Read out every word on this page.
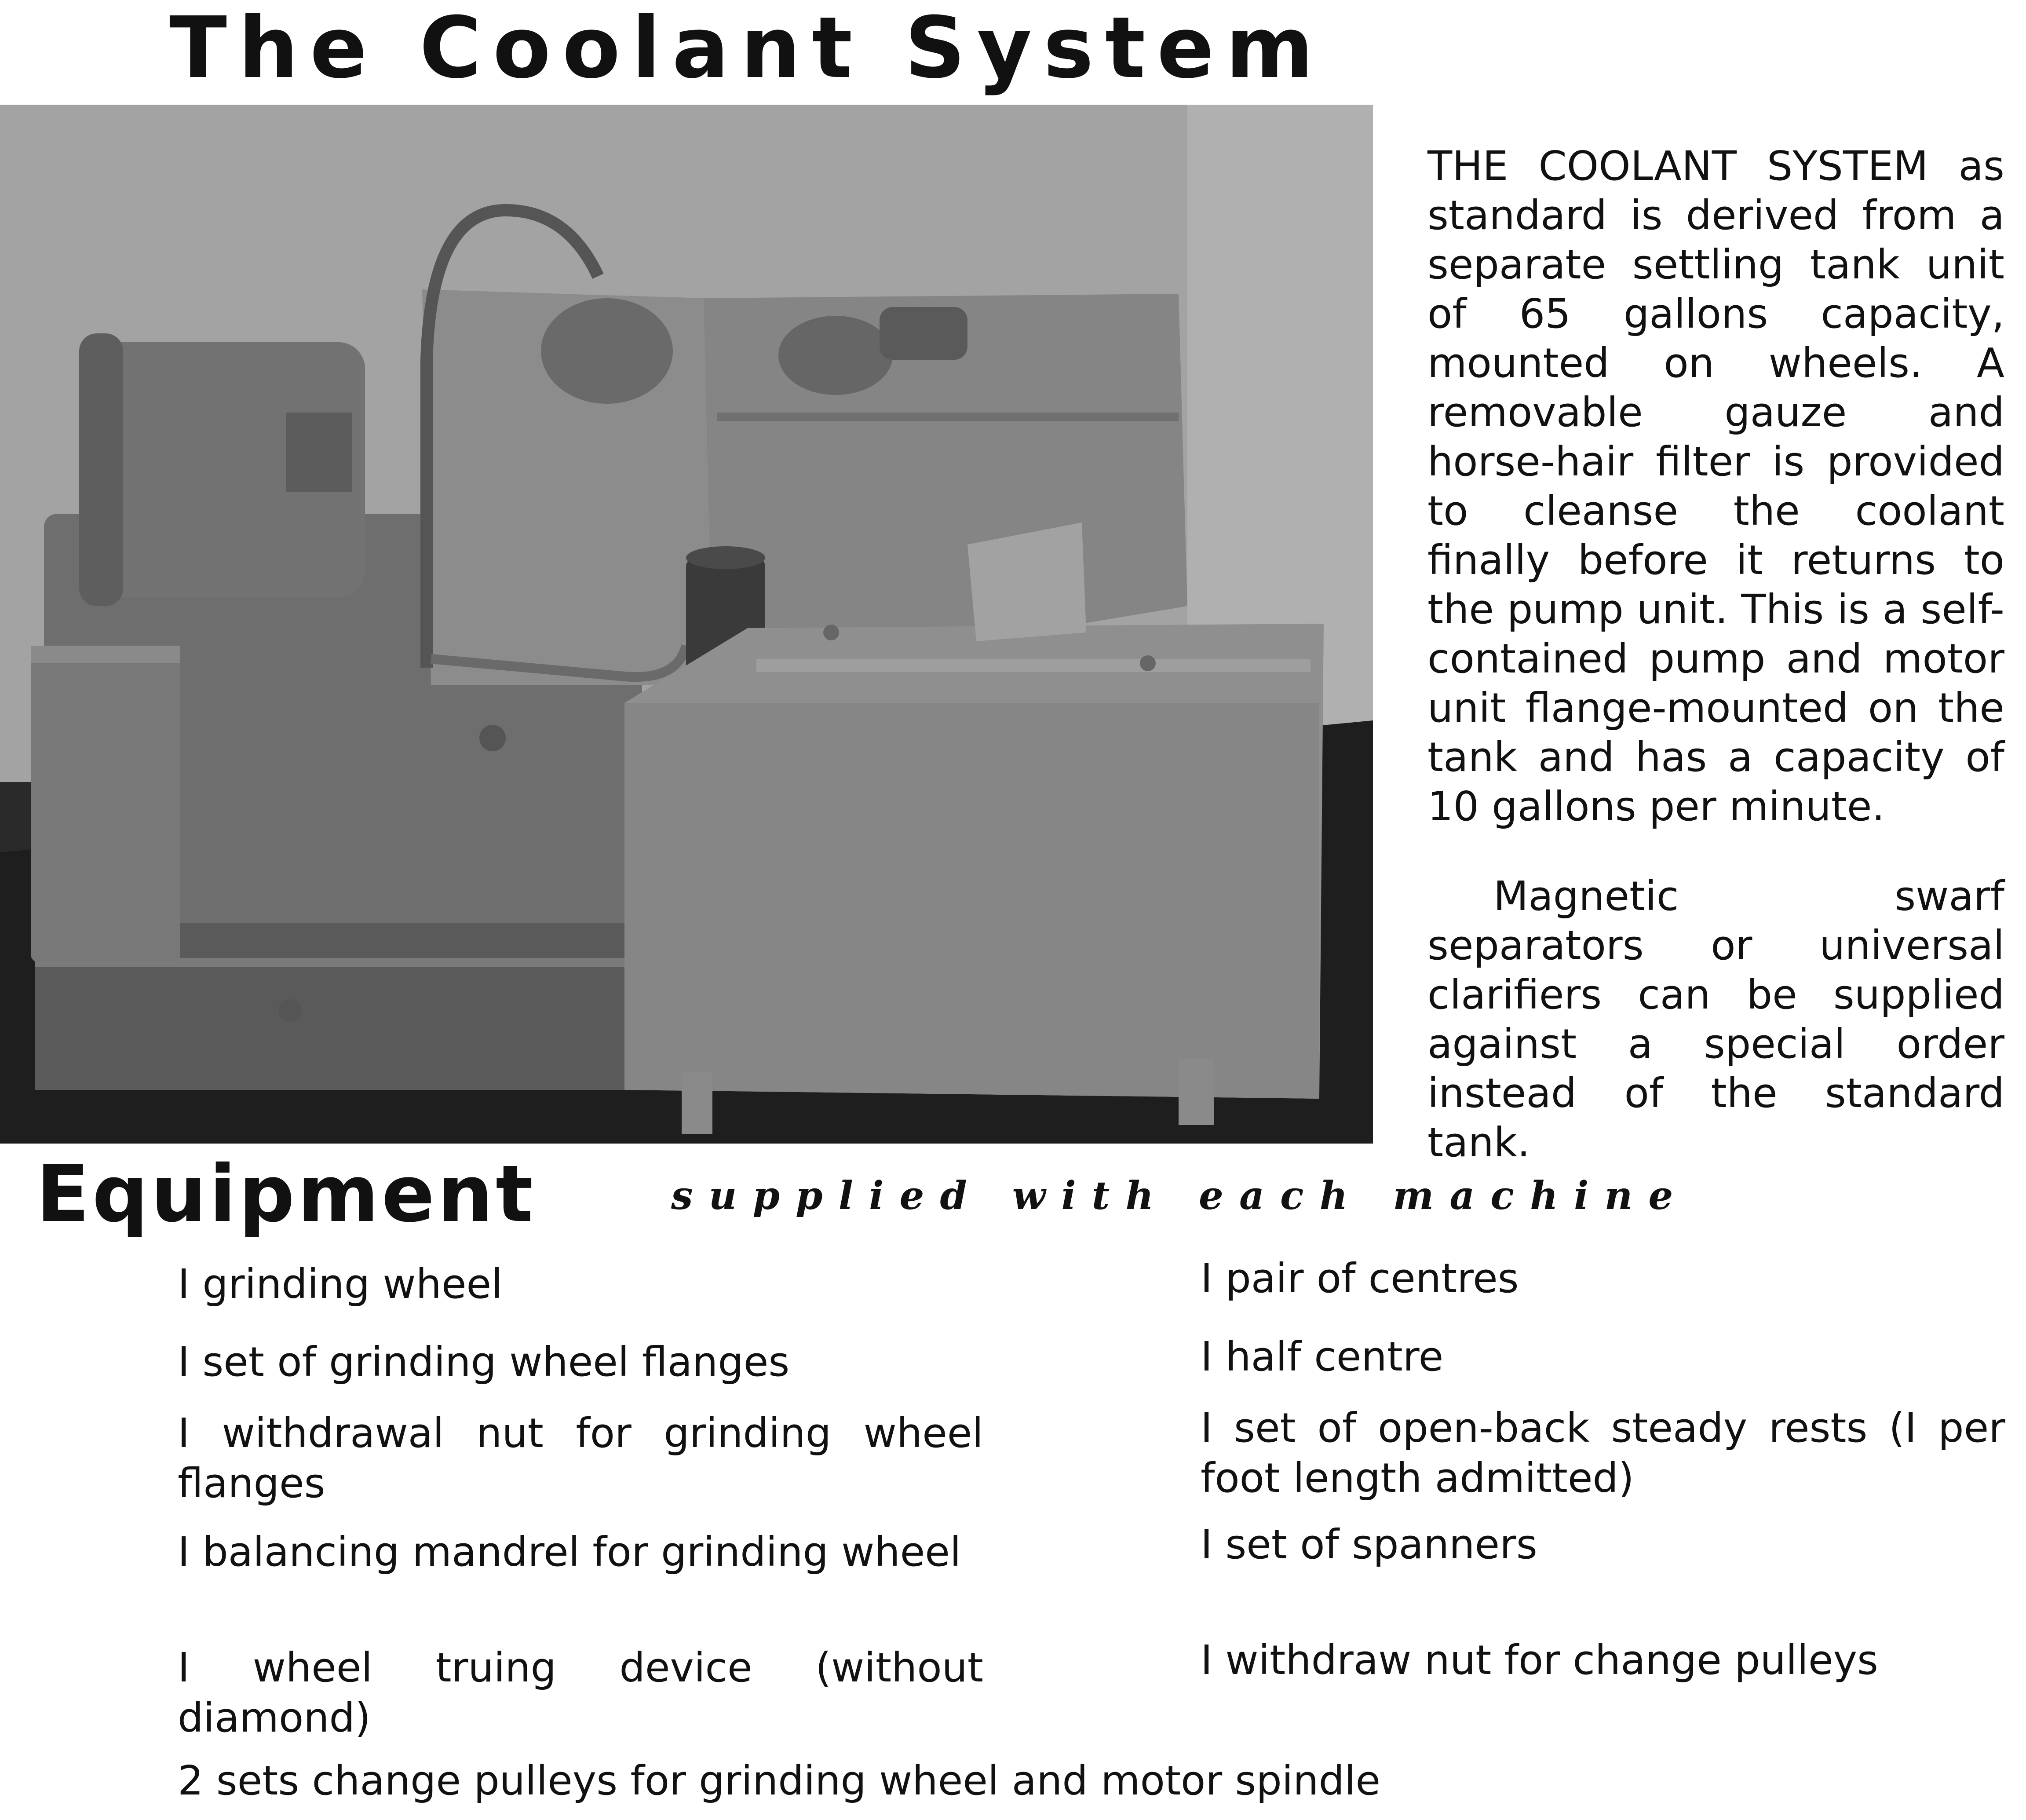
The Coolant System

THE COOLANT SYSTEM as standard is derived from a separate settling tank unit of 65 gallons capacity, mounted on wheels. A removable gauze and horse-hair filter is provided to cleanse the coolant finally before it returns to the pump unit. This is a self-contained pump and motor unit flange-mounted on the tank and has a capacity of 10 gallons per minute.

Magnetic swarf separators or universal clarifiers can be supplied against a special order instead of the standard tank.

Equipment	supplied with each machine

I grinding wheel

I set of grinding wheel flanges

I withdrawal nut for grinding wheel flanges

I balancing mandrel for grinding wheel

I wheel truing device (without diamond)

I pair of centres

I half centre

I set of open-back steady rests (I per foot length admitted)

I set of spanners

I withdraw nut for change pulleys

2 sets change pulleys for grinding wheel and motor spindle
